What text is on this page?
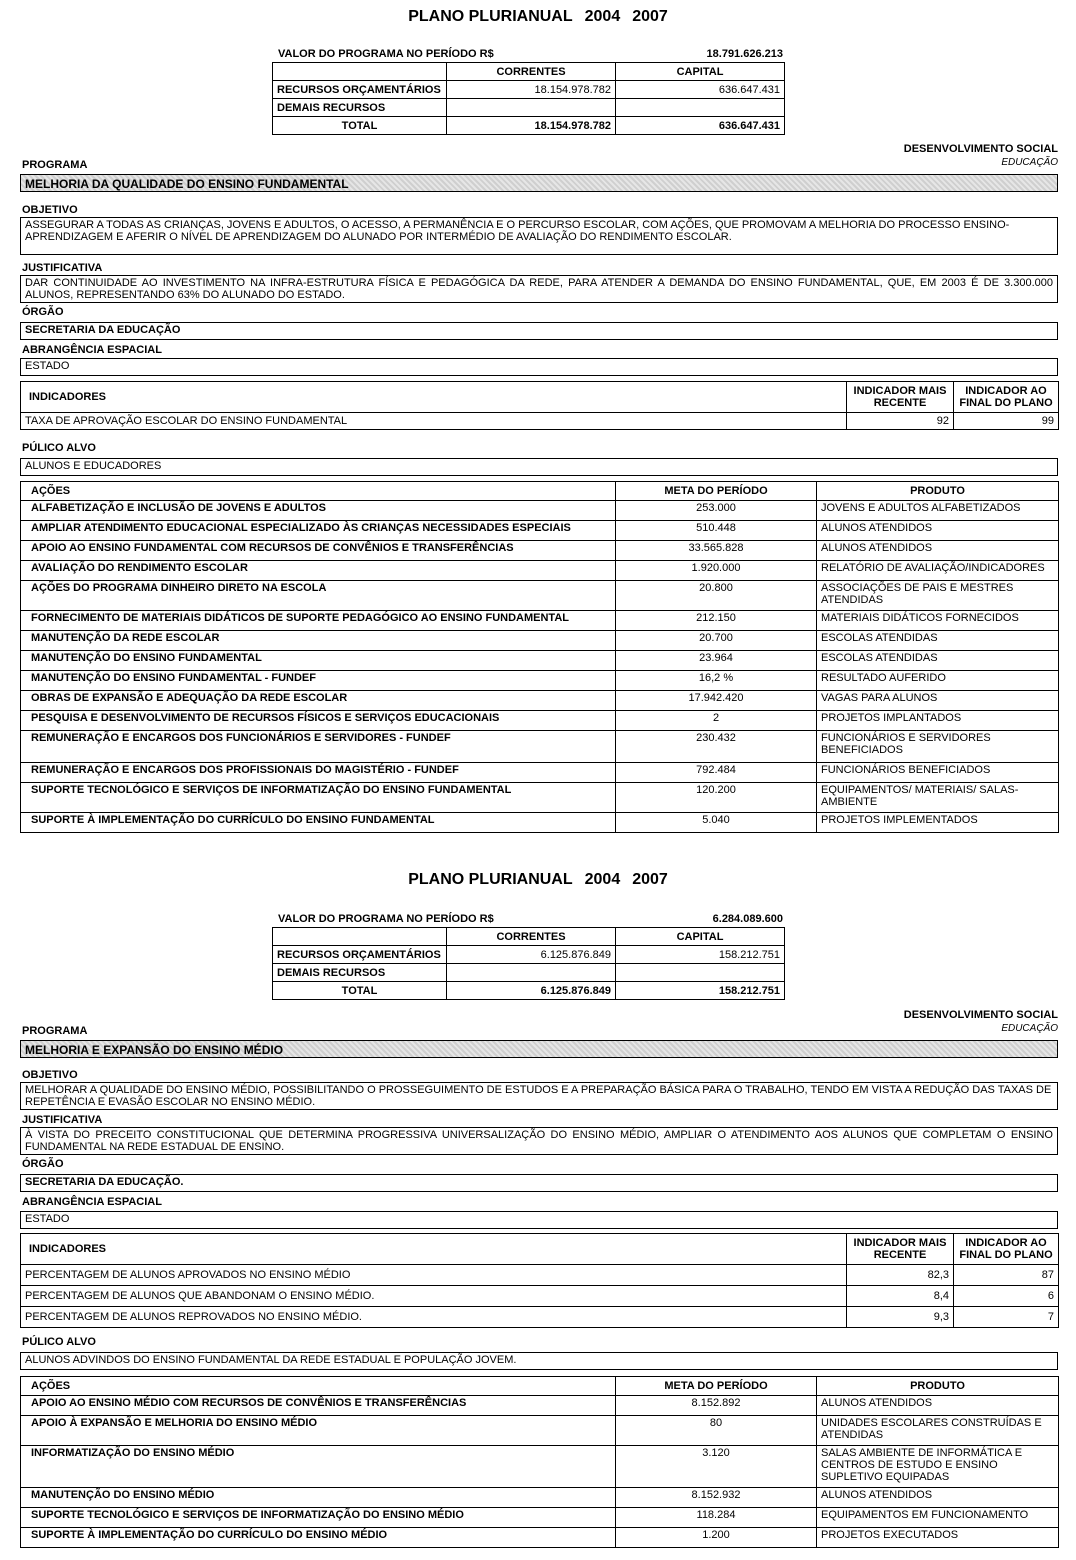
PLANO PLURIANUAL 2004 2007
VALOR DO PROGRAMA NO PERÍODO R$	18.791.626.213
	CORRENTES	CAPITAL
RECURSOS ORÇAMENTÁRIOS	18.154.978.782	636.647.431
DEMAIS RECURSOS		
TOTAL	18.154.978.782	636.647.431
DESENVOLVIMENTO SOCIAL
EDUCAÇÃO
PROGRAMA
MELHORIA DA QUALIDADE DO ENSINO FUNDAMENTAL
OBJETIVO
ASSEGURAR A TODAS AS CRIANÇAS, JOVENS E ADULTOS, O ACESSO, A PERMANÊNCIA E O PERCURSO ESCOLAR, COM AÇÕES, QUE PROMOVAM A MELHORIA DO PROCESSO ENSINO-APRENDIZAGEM E AFERIR O NÍVEL DE APRENDIZAGEM DO ALUNADO POR INTERMÉDIO DE AVALIAÇÃO DO RENDIMENTO ESCOLAR.
JUSTIFICATIVA
DAR CONTINUIDADE AO INVESTIMENTO NA INFRA-ESTRUTURA FÍSICA E PEDAGÓGICA DA REDE, PARA ATENDER A DEMANDA DO ENSINO FUNDAMENTAL, QUE, EM 2003 É DE 3.300.000 ALUNOS, REPRESENTANDO 63% DO ALUNADO DO ESTADO.
ÓRGÃO
SECRETARIA DA EDUCAÇÃO
ABRANGÊNCIA ESPACIAL
ESTADO
INDICADORES	INDICADOR MAIS RECENTE	INDICADOR AO FINAL DO PLANO
TAXA DE APROVAÇÃO ESCOLAR DO ENSINO FUNDAMENTAL	92	99
PÚLICO ALVO
ALUNOS E EDUCADORES
AÇÕES	META DO PERÍODO	PRODUTO
ALFABETIZAÇÃO E INCLUSÃO DE JOVENS E ADULTOS	253.000	JOVENS E ADULTOS ALFABETIZADOS
AMPLIAR ATENDIMENTO EDUCACIONAL ESPECIALIZADO ÀS CRIANÇAS NECESSIDADES ESPECIAIS	510.448	ALUNOS ATENDIDOS
APOIO AO ENSINO FUNDAMENTAL COM RECURSOS DE CONVÊNIOS E TRANSFERÊNCIAS	33.565.828	ALUNOS ATENDIDOS
AVALIAÇÃO DO RENDIMENTO ESCOLAR	1.920.000	RELATÓRIO DE AVALIAÇÃO/INDICADORES
AÇÕES DO PROGRAMA DINHEIRO DIRETO NA ESCOLA	20.800	ASSOCIAÇÕES DE PAIS E MESTRES ATENDIDAS
FORNECIMENTO DE MATERIAIS DIDÁTICOS DE SUPORTE PEDAGÓGICO AO ENSINO FUNDAMENTAL	212.150	MATERIAIS DIDÁTICOS FORNECIDOS
MANUTENÇÃO DA REDE ESCOLAR	20.700	ESCOLAS ATENDIDAS
MANUTENÇÃO DO ENSINO FUNDAMENTAL	23.964	ESCOLAS ATENDIDAS
MANUTENÇÃO DO ENSINO FUNDAMENTAL - FUNDEF	16,2 %	RESULTADO AUFERIDO
OBRAS DE EXPANSÃO E ADEQUAÇÃO DA REDE ESCOLAR	17.942.420	VAGAS PARA ALUNOS
PESQUISA E DESENVOLVIMENTO DE RECURSOS FÍSICOS E SERVIÇOS EDUCACIONAIS	2	PROJETOS IMPLANTADOS
REMUNERAÇÃO E ENCARGOS DOS FUNCIONÁRIOS E SERVIDORES - FUNDEF	230.432	FUNCIONÁRIOS E SERVIDORES BENEFICIADOS
REMUNERAÇÃO E ENCARGOS DOS PROFISSIONAIS DO MAGISTÉRIO - FUNDEF	792.484	FUNCIONÁRIOS BENEFICIADOS
SUPORTE TECNOLÓGICO E SERVIÇOS DE INFORMATIZAÇÃO DO ENSINO FUNDAMENTAL	120.200	EQUIPAMENTOS/ MATERIAIS/ SALAS-AMBIENTE
SUPORTE À IMPLEMENTAÇÃO DO CURRÍCULO DO ENSINO FUNDAMENTAL	5.040	PROJETOS IMPLEMENTADOS
PLANO PLURIANUAL 2004 2007
VALOR DO PROGRAMA NO PERÍODO R$	6.284.089.600
	CORRENTES	CAPITAL
RECURSOS ORÇAMENTÁRIOS	6.125.876.849	158.212.751
DEMAIS RECURSOS		
TOTAL	6.125.876.849	158.212.751
DESENVOLVIMENTO SOCIAL
EDUCAÇÃO
PROGRAMA
MELHORIA E EXPANSÃO DO ENSINO MÉDIO
OBJETIVO
MELHORAR A QUALIDADE DO ENSINO MÉDIO, POSSIBILITANDO O PROSSEGUIMENTO DE ESTUDOS E A PREPARAÇÃO BÁSICA PARA O TRABALHO, TENDO EM VISTA A REDUÇÃO DAS TAXAS DE REPETÊNCIA E EVASÃO ESCOLAR NO ENSINO MÉDIO.
JUSTIFICATIVA
À VISTA DO PRECEITO CONSTITUCIONAL QUE DETERMINA PROGRESSIVA UNIVERSALIZAÇÃO DO ENSINO MÉDIO, AMPLIAR O ATENDIMENTO AOS ALUNOS QUE COMPLETAM O ENSINO FUNDAMENTAL NA REDE ESTADUAL DE ENSINO.
ÓRGÃO
SECRETARIA DA EDUCAÇÃO.
ABRANGÊNCIA ESPACIAL
ESTADO
INDICADORES	INDICADOR MAIS RECENTE	INDICADOR AO FINAL DO PLANO
PERCENTAGEM DE ALUNOS APROVADOS NO ENSINO MÉDIO	82,3	87
PERCENTAGEM DE ALUNOS QUE ABANDONAM O ENSINO MÉDIO.	8,4	6
PERCENTAGEM DE ALUNOS REPROVADOS NO ENSINO MÉDIO.	9,3	7
PÚLICO ALVO
ALUNOS ADVINDOS DO ENSINO FUNDAMENTAL DA REDE ESTADUAL E POPULAÇÃO JOVEM.
AÇÕES	META DO PERÍODO	PRODUTO
APOIO AO ENSINO MÉDIO COM RECURSOS DE CONVÊNIOS E TRANSFERÊNCIAS	8.152.892	ALUNOS ATENDIDOS
APOIO À EXPANSÃO E MELHORIA DO ENSINO MÉDIO	80	UNIDADES ESCOLARES CONSTRUÍDAS E ATENDIDAS
INFORMATIZAÇÃO DO ENSINO MÉDIO	3.120	SALAS AMBIENTE DE INFORMÁTICA E CENTROS DE ESTUDO E ENSINO SUPLETIVO EQUIPADAS
MANUTENÇÃO DO ENSINO MÉDIO	8.152.932	ALUNOS ATENDIDOS
SUPORTE TECNOLÓGICO E SERVIÇOS DE INFORMATIZAÇÃO DO ENSINO MÉDIO	118.284	EQUIPAMENTOS EM FUNCIONAMENTO
SUPORTE À IMPLEMENTAÇÃO DO CURRÍCULO DO ENSINO MÉDIO	1.200	PROJETOS EXECUTADOS
